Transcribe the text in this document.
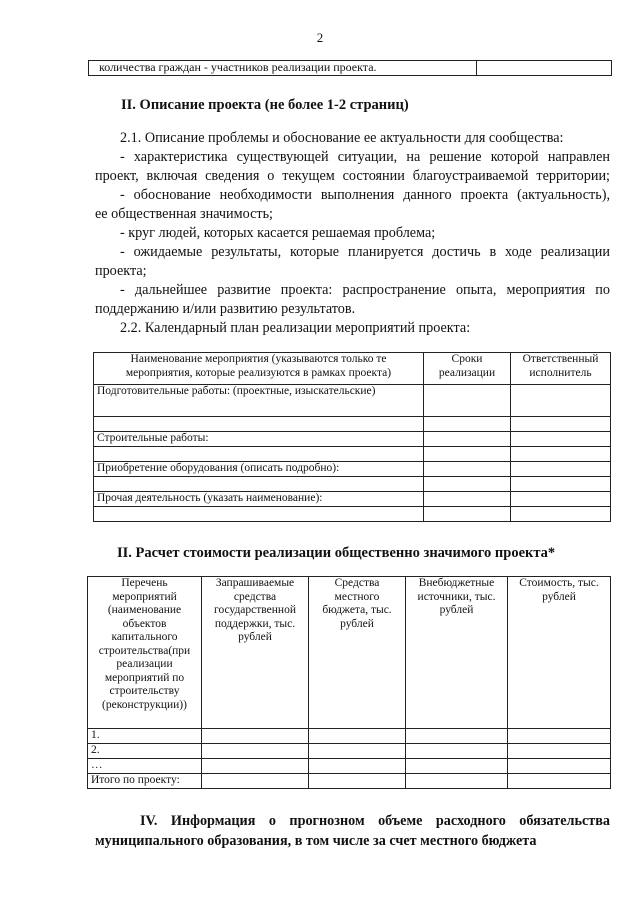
2
количества граждан - участников реализации проекта.	
II. Описание проекта (не более 1-2 страниц)
2.1. Описание проблемы и обоснование ее актуальности для сообщества:
- характеристика существующей ситуации, на решение которой направлен
проект, включая сведения о текущем состоянии благоустраиваемой территории;
- обоснование необходимости выполнения данного проекта (актуальность),
ее общественная значимость;
- круг людей, которых касается решаемая проблема;
- ожидаемые результаты, которые планируется достичь в ходе реализации
проекта;
- дальнейшее развитие проекта: распространение опыта, мероприятия по
поддержанию и/или развитию результатов.
2.2. Календарный план реализации мероприятий проекта:
Наименование мероприятия (указываются только те мероприятия, которые реализуются в рамках проекта)	Сроки реализации	Ответственный исполнитель
Подготовительные работы: (проектные, изыскательские)		

Строительные работы:		

Приобретение оборудования (описать подробно):		

Прочая деятельность (указать наименование):		

II. Расчет стоимости реализации общественно значимого проекта*
Перечень мероприятий (наименование объектов капитального строительства(при реализации мероприятий по строительству (реконструкции))	Запрашиваемые средства государственной поддержки, тыс. рублей	Средства местного бюджета, тыс. рублей	Внебюджетные источники, тыс. рублей	Стоимость, тыс. рублей
1.				
2.				
…				
Итого по проекту:				
IV. Информация о прогнозном объеме расходного обязательства
муниципального образования, в том числе за счет местного бюджета
